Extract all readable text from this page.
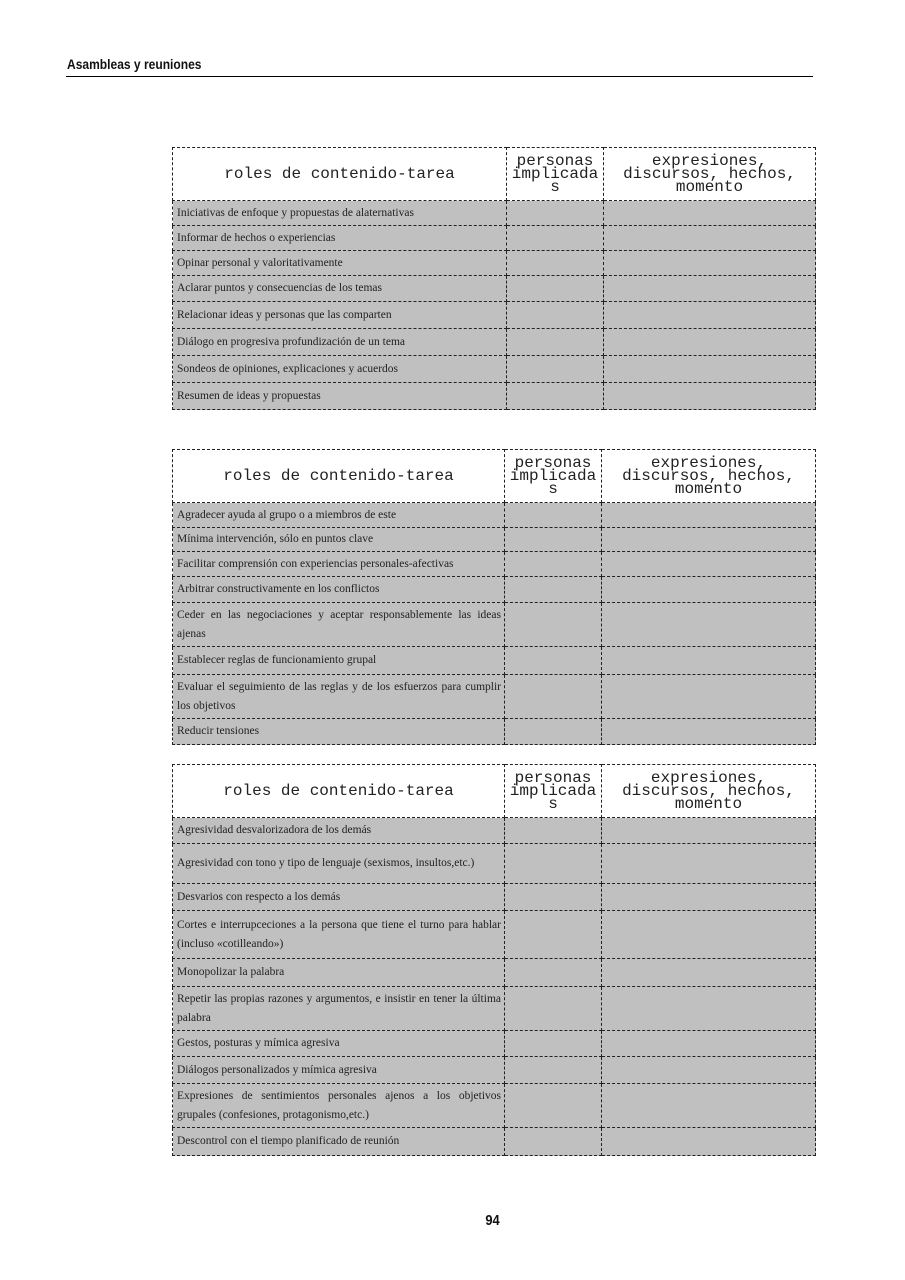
Asambleas y reuniones
roles de contenido-tarea	personas implicada s	expresiones, discursos, hechos, momento
Iniciativas de enfoque y propuestas de alaternativas		
Informar de hechos o experiencias		
Opinar personal y valoritativamente		
Aclarar puntos y consecuencias de los temas		
Relacionar ideas y personas que las comparten		
Diálogo en progresiva profundización de un tema		
Sondeos de opiniones, explicaciones y acuerdos		
Resumen de ideas y propuestas		
roles de contenido-tarea	personas implicada s	expresiones, discursos, hechos, momento
Agradecer ayuda al grupo o a miembros de este		
Mínima intervención, sólo en puntos clave		
Facilitar comprensión con experiencias personales-afectivas		
Arbitrar constructivamente en los conflictos		
Ceder en las negociaciones y aceptar responsablemente las ideas ajenas		
Establecer reglas de funcionamiento grupal		
Evaluar el seguimiento de las reglas y de los esfuerzos para cumplir los objetivos		
Reducir tensiones		
roles de contenido-tarea	personas implicada s	expresiones, discursos, hechos, momento
Agresividad desvalorizadora de los demás		
Agresividad con tono y tipo de lenguaje (sexismos, insultos,etc.)		
Desvarios con respecto a los demás		
Cortes e interrupceciones a la persona que tiene el turno para hablar (incluso «cotilleando»)		
Monopolizar la palabra		
Repetir las propias razones y argumentos, e insistir en tener la última palabra		
Gestos, posturas y mímica agresiva		
Diálogos personalizados y mímica agresiva		
Expresiones de sentimientos personales ajenos a los objetivos grupales (confesiones, protagonismo,etc.)		
Descontrol con el tiempo planificado de reunión		
94
